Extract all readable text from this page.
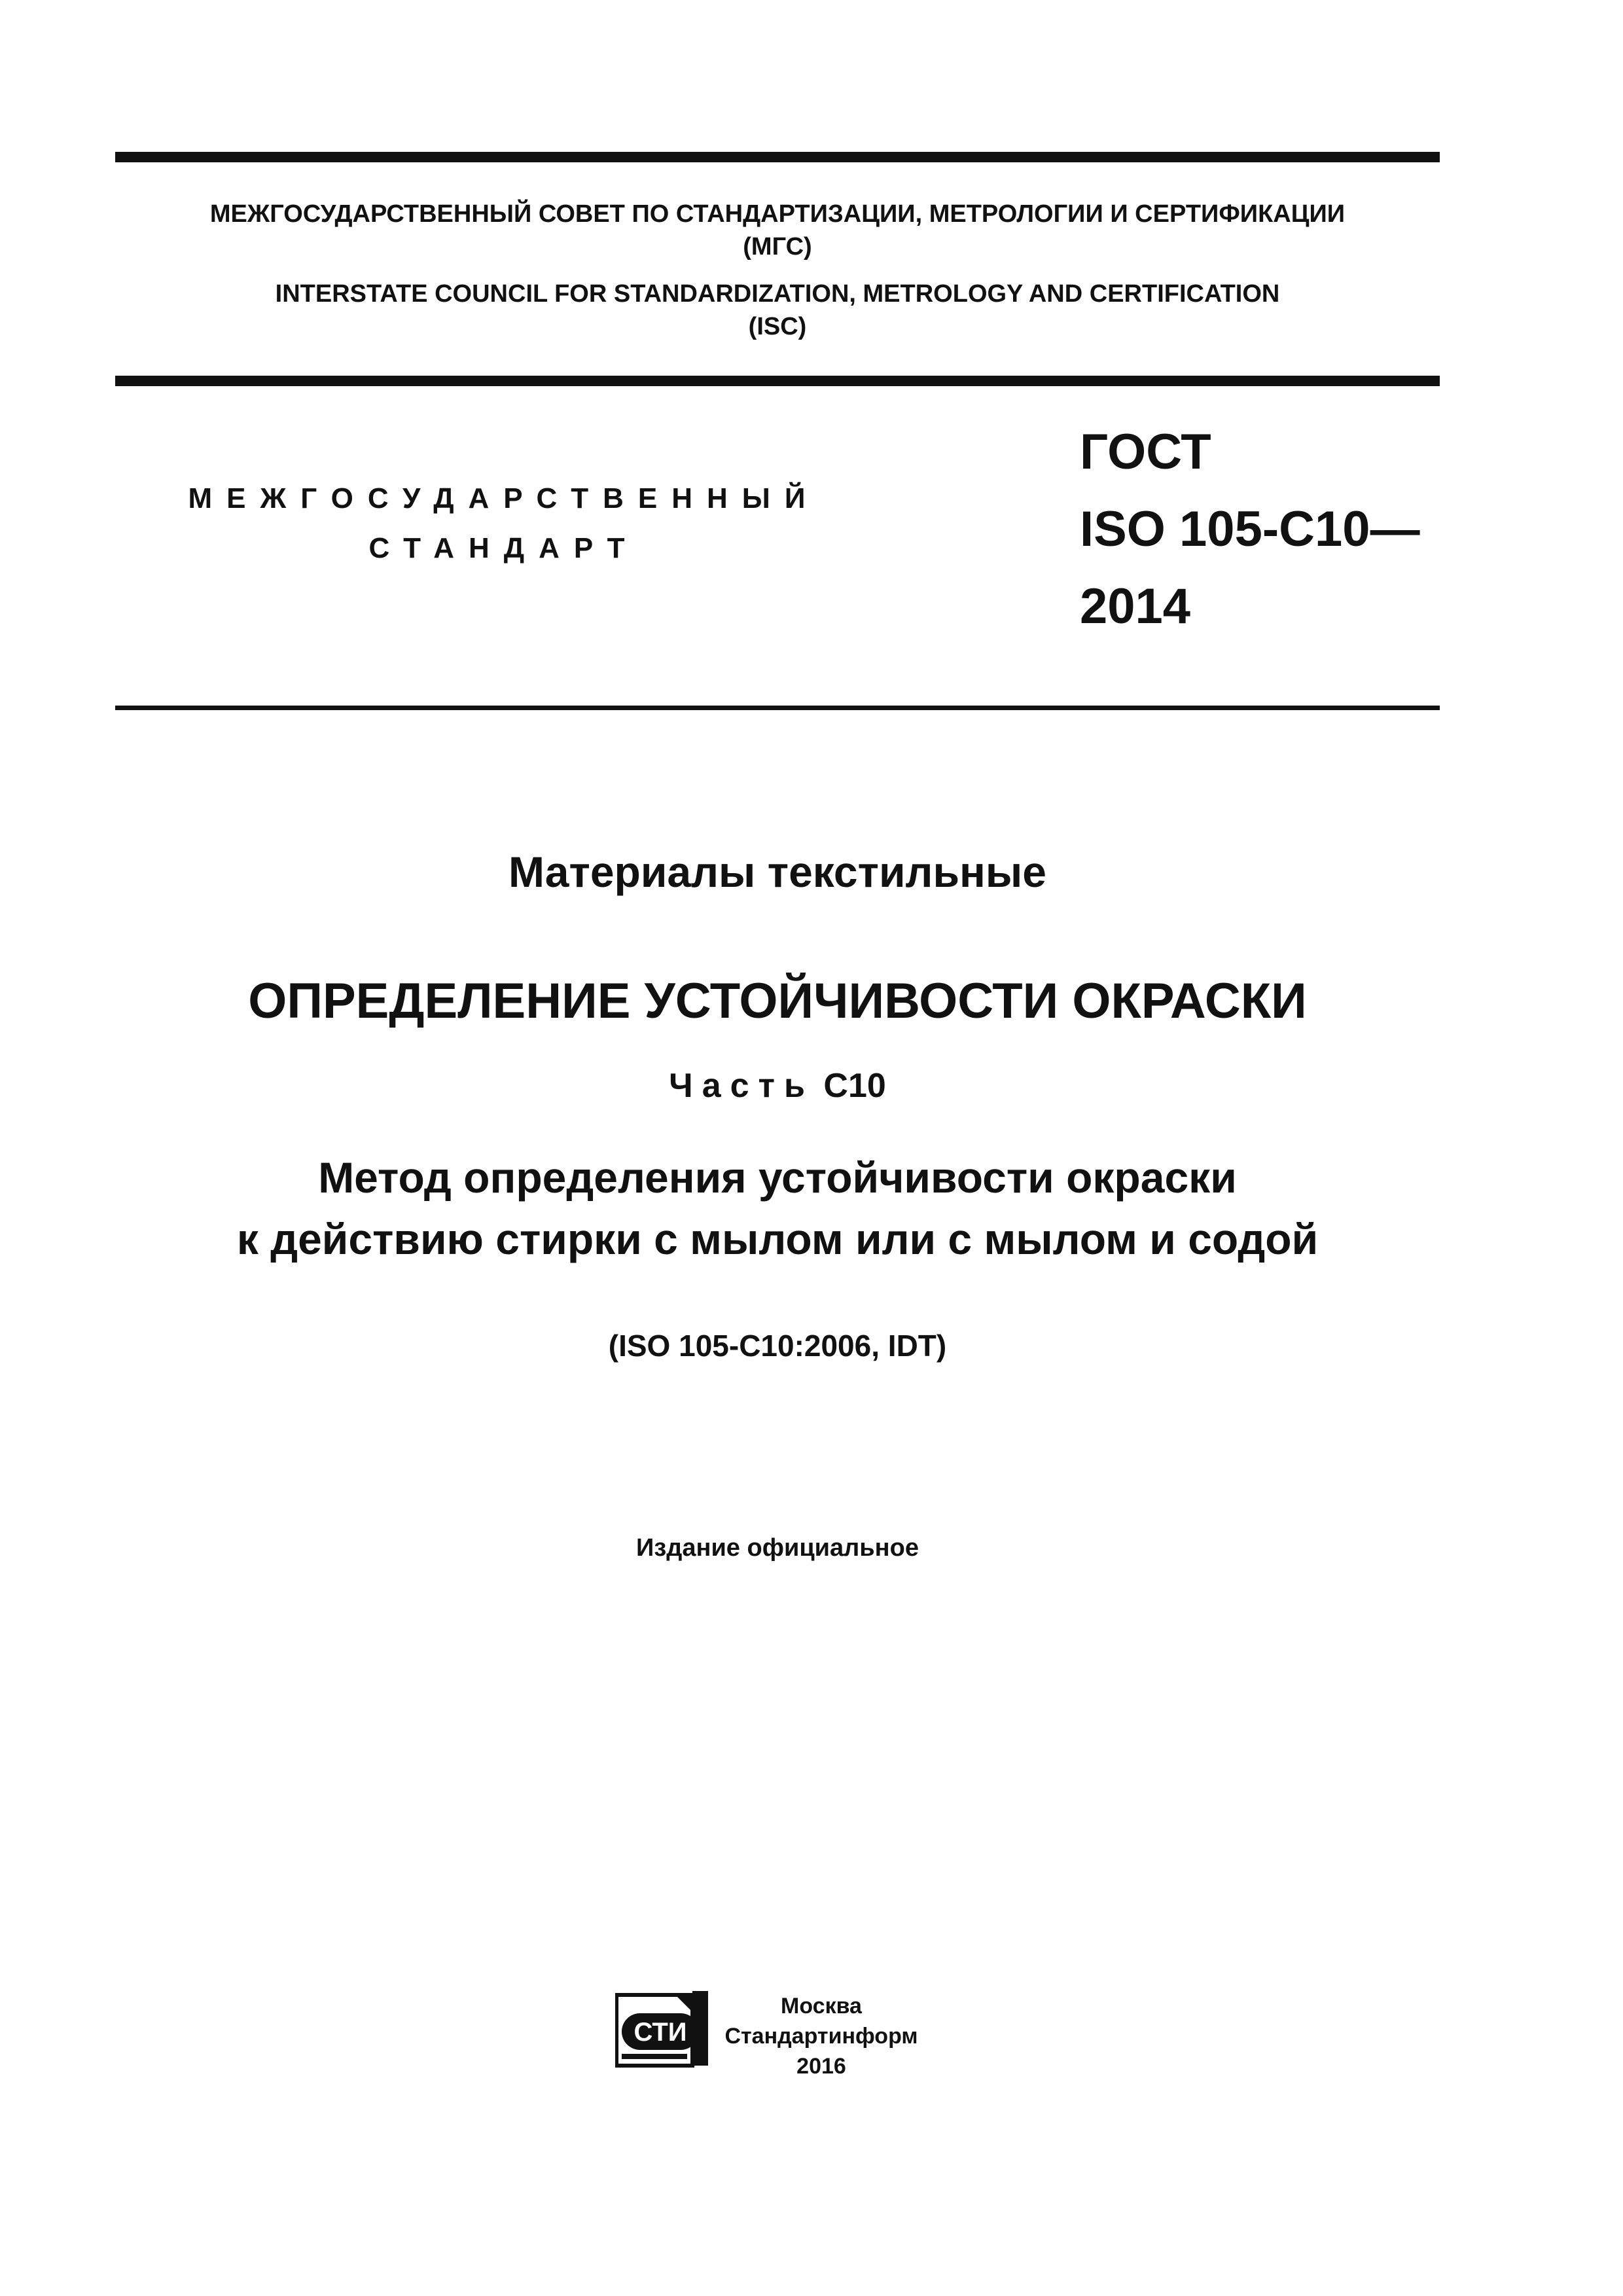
МЕЖГОСУДАРСТВЕННЫЙ СОВЕТ ПО СТАНДАРТИЗАЦИИ, МЕТРОЛОГИИ И СЕРТИФИКАЦИИ
(МГС)
INTERSTATE COUNCIL FOR STANDARDIZATION, METROLOGY AND CERTIFICATION
(ISC)
МЕЖГОСУДАРСТВЕННЫЙ
СТАНДАРТ
ГОСТ
ISO 105-C10—
2014
Материалы текстильные
ОПРЕДЕЛЕНИЕ УСТОЙЧИВОСТИ ОКРАСКИ
Часть C10
Метод определения устойчивости окраски
к действию стирки с мылом или с мылом и содой
(ISO 105-C10:2006, IDT)
Издание официальное
СТИ
Москва
Стандартинформ
2016
